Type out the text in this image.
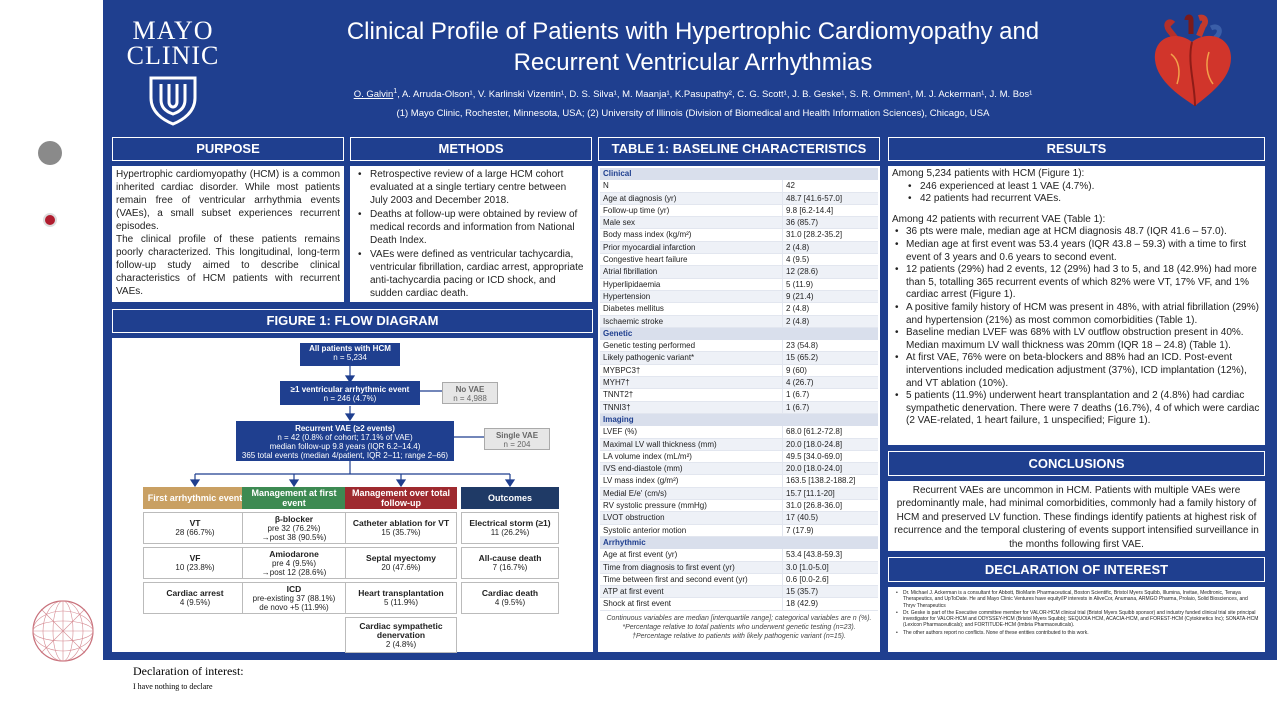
MAYO
CLINIC
Clinical Profile of Patients with Hypertrophic Cardiomyopathy and Recurrent Ventricular Arrhythmias
O. Galvin$^1$, A. Arruda-Olson¹, V. Karlinski Vizentin¹, D. S. Silva¹, M. Maanja¹, K.Pasupathy², C. G. Scott¹, J. B. Geske¹, S. R. Ommen¹, M. J. Ackerman¹, J. M. Bos¹
(1) Mayo Clinic, Rochester, Minnesota, USA; (2) University of Illinois (Division of Biomedical and Health Information Sciences), Chicago, USA
PURPOSE

Hypertrophic cardiomyopathy (HCM) is a common inherited cardiac disorder. While most patients remain free of ventricular arrhythmia events (VAEs), a small subset experiences recurrent episodes.

The clinical profile of these patients remains poorly characterized. This longitudinal, long-term follow-up study aimed to describe clinical characteristics of HCM patients with recurrent VAEs.

METHODS
• Retrospective review of a large HCM cohort evaluated at a single tertiary centre between July 2003 and December 2018.
• Deaths at follow-up were obtained by review of medical records and information from National Death Index.
• VAEs were defined as ventricular tachycardia, ventricular fibrillation, cardiac arrest, appropriate anti-tachycardia pacing or ICD shock, and sudden cardiac death.
TABLE 1: BASELINE CHARACTERISTICS
Clinical
N	42
Age at diagnosis (yr)	48.7 [41.6-57.0]
Follow-up time (yr)	9.8 [6.2-14.4]
Male sex	36 (85.7)
Body mass index (kg/m²)	31.0 [28.2-35.2]
Prior myocardial infarction	2 (4.8)
Congestive heart failure	4 (9.5)
Atrial fibrillation	12 (28.6)
Hyperlipidaemia	5 (11.9)
Hypertension	9 (21.4)
Diabetes mellitus	2 (4.8)
Ischaemic stroke	2 (4.8)
Genetic
Genetic testing performed	23 (54.8)
Likely pathogenic variant*	15 (65.2)
MYBPC3†	9 (60)
MYH7†	4 (26.7)
TNNT2†	1 (6.7)
TNNI3†	1 (6.7)
Imaging
LVEF (%)	68.0 [61.2-72.8]
Maximal LV wall thickness (mm)	20.0 [18.0-24.8]
LA volume index (mL/m²)	49.5 [34.0-69.0]
IVS end-diastole (mm)	20.0 [18.0-24.0]
LV mass index (g/m²)	163.5 [138.2-188.2]
Medial E/e' (cm/s)	15.7 [11.1-20]
RV systolic pressure (mmHg)	31.0 [26.8-36.0]
LVOT obstruction	17 (40.5)
Systolic anterior motion	7 (17.9)
Arrhythmic
Age at first event (yr)	53.4 [43.8-59.3]
Time from diagnosis to first event (yr)	3.0 [1.0-5.0]
Time between first and second event (yr)	0.6 [0.0-2.6]
ATP at first event	15 (35.7)
Shock at first event	18 (42.9)
Continuous variables are median [interquartile range]; categorical variables are n (%). *Percentage relative to total patients who underwent genetic testing (n=23).
†Percentage relative to patients with likely pathogenic variant (n=15).
FIGURE 1: FLOW DIAGRAM
All patients with HCM
n = 5,234
≥1 ventricular arrhythmic event
n = 246 (4.7%)
No VAE
n = 4,988
Recurrent VAE (≥2 events)
n = 42 (0.8% of cohort; 17.1% of VAE)
median follow-up 9.8 years (IQR 6.2–14.4)
365 total events (median 4/patient, IQR 2–11; range 2–66)
Single VAE
n = 204
First arrhythmic event
VT
28 (66.7%)
VF
10 (23.8%)
Cardiac arrest
4 (9.5%)
Management at first event
β-blocker
pre 32 (76.2%)
→post 38 (90.5%)
Amiodarone
pre 4 (9.5%)
→post 12 (28.6%)
ICD
pre-existing 37 (88.1%)
de novo +5 (11.9%)
Management over total follow-up
Catheter ablation for VT
15 (35.7%)
Septal myectomy
20 (47.6%)
Heart transplantation
5 (11.9%)
Cardiac sympathetic denervation
2 (4.8%)
Outcomes
Electrical storm (≥1)
11 (26.2%)
All-cause death
7 (16.7%)
Cardiac death
4 (9.5%)
RESULTS
Among 5,234 patients with HCM (Figure 1):
• 246 experienced at least 1 VAE (4.7%).
• 42 patients had recurrent VAEs.
Among 42 patients with recurrent VAE (Table 1):
• 36 pts were male, median age at HCM diagnosis 48.7 (IQR 41.6 – 57.0).
• Median age at first event was 53.4 years (IQR 43.8 – 59.3) with a time to first event of 3 years and 0.6 years to second event.
• 12 patients (29%) had 2 events, 12 (29%) had 3 to 5, and 18 (42.9%) had more than 5, totalling 365 recurrent events of which 82% were VT, 17% VF, and 1% cardiac arrest (Figure 1).
• A positive family history of HCM was present in 48%, with atrial fibrillation (29%) and hypertension (21%) as most common comorbidities (Table 1).
• Baseline median LVEF was 68% with LV outflow obstruction present in 40%. Median maximum LV wall thickness was 20mm (IQR 18 – 24.8) (Table 1).
• At first VAE, 76% were on beta-blockers and 88% had an ICD. Post-event interventions included medication adjustment (37%), ICD implantation (12%), and VT ablation (10%).
• 5 patients (11.9%) underwent heart transplantation and 2 (4.8%) had cardiac sympathetic denervation. There were 7 deaths (16.7%), 4 of which were cardiac (2 VAE-related, 1 heart failure, 1 unspecified; Figure 1).
CONCLUSIONS
Recurrent VAEs are uncommon in HCM. Patients with multiple VAEs were predominantly male, had minimal comorbidities, commonly had a family history of HCM and preserved LV function. These findings identify patients at highest risk of recurrence and the temporal clustering of events support intensified surveillance in the months following first VAE.
DECLARATION OF INTEREST
• Dr. Michael J. Ackerman is a consultant for Abbott, BioMarin Pharmaceutical, Boston Scientific, Bristol Myers Squibb, Illumina, Invitae, Medtronic, Tenaya Therapeutics, and UpToDate. He and Mayo Clinic Ventures have equity/IP interests in AliveCor, Anumana, ARMGO Pharma, Prolaio, Solid Biosciences, and Thryv Therapeutics
• Dr. Geske is part of the Executive committee member for VALOR-HCM clinical trial (Bristol Myers Squibb sponsor) and industry funded clinical trial site principal investigator for VALOR-HCM and ODYSSEY-HCM (Bristol Myers Squibb); SEQUOIA HCM, ACACIA-HCM, and FOREST-HCM (Cytokinetics Inc); SONATA-HCM (Lexicon Pharmaceuticals); and FORTITUDE-HCM (Imbria Pharmaceuticals).
• The other authors report no conflicts. None of these entities contributed to this work.
Declaration of interest:
I have nothing to declare
